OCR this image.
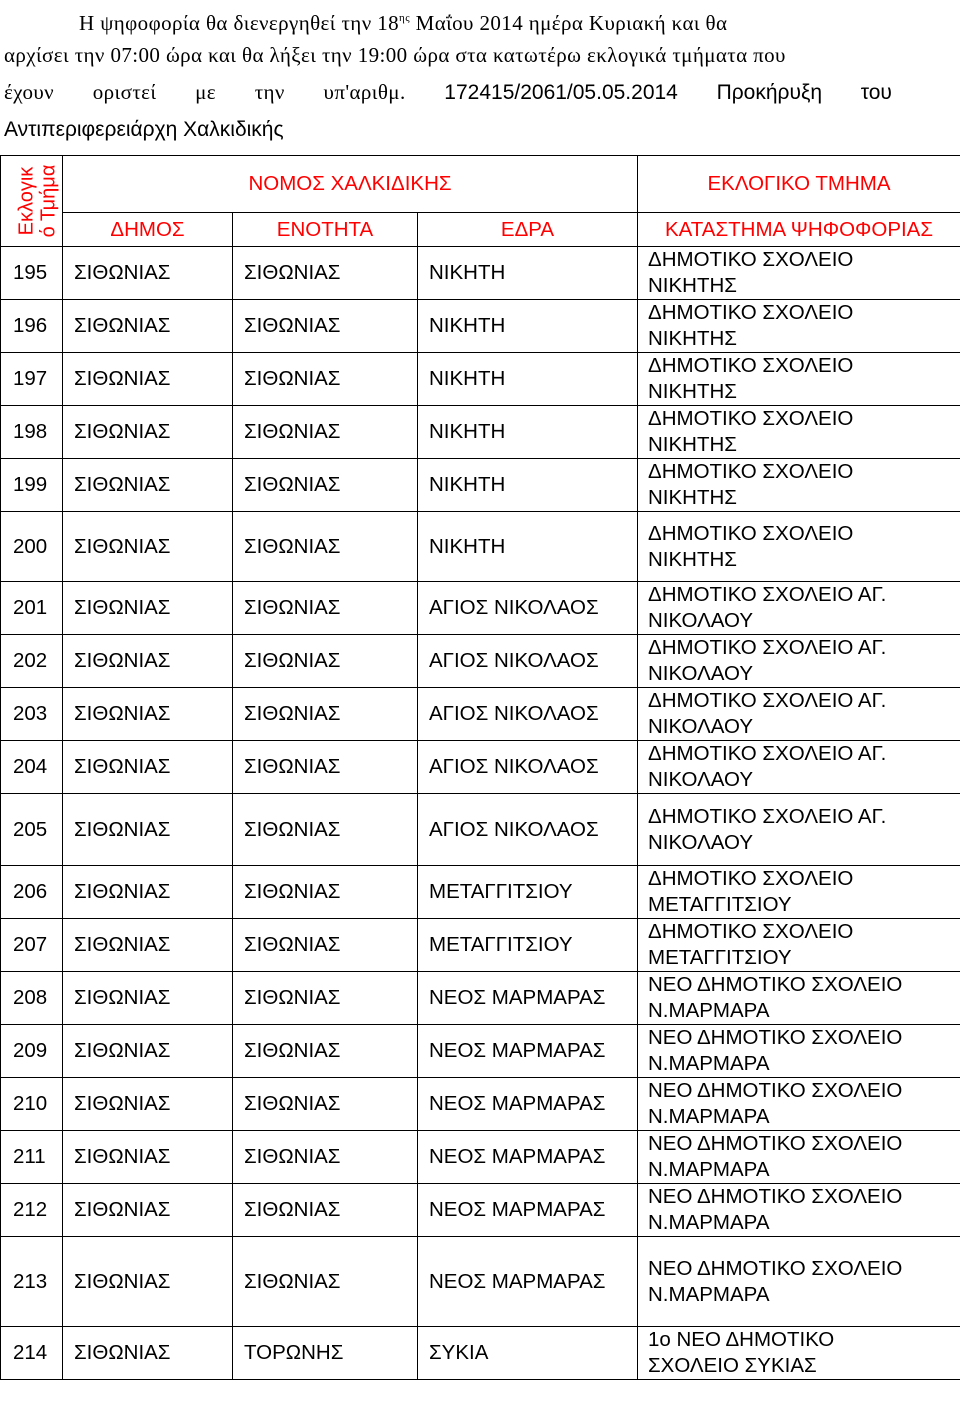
Η ψηφοφορία θα διενεργηθεί την $18^{\eta\varsigma}$ Μαΐου 2014 ημέρα Κυριακή και θα
αρχίσει την 07:00 ώρα και θα λήξει την 19:00 ώρα στα κατωτέρω εκλογικά τμήματα που
έχουν οριστεί με την υπ'αριθμ. 172415/2061/05.05.2014 Προκήρυξη του
Αντιπεριφερειάρχη Χαλκιδικής
Εκλογικ
ό Τμήμα	ΝΟΜΟΣ ΧΑΛΚΙΔΙΚΗΣ			ΕΚΛΟΓΙΚΟ ΤΜΗΜΑ
	ΔΗΜΟΣ	ΕΝΟΤΗΤΑ	ΕΔΡΑ	ΚΑΤΑΣΤΗΜΑ ΨΗΦΟΦΟΡΙΑΣ
195	ΣΙΘΩΝΙΑΣ	ΣΙΘΩΝΙΑΣ	ΝΙΚΗΤΗ	ΔΗΜΟΤΙΚΟ ΣΧΟΛΕΙΟ
ΝΙΚΗΤΗΣ

196	ΣΙΘΩΝΙΑΣ	ΣΙΘΩΝΙΑΣ	ΝΙΚΗΤΗ	ΔΗΜΟΤΙΚΟ ΣΧΟΛΕΙΟ
ΝΙΚΗΤΗΣ

197	ΣΙΘΩΝΙΑΣ	ΣΙΘΩΝΙΑΣ	ΝΙΚΗΤΗ	ΔΗΜΟΤΙΚΟ ΣΧΟΛΕΙΟ
ΝΙΚΗΤΗΣ

198	ΣΙΘΩΝΙΑΣ	ΣΙΘΩΝΙΑΣ	ΝΙΚΗΤΗ	ΔΗΜΟΤΙΚΟ ΣΧΟΛΕΙΟ
ΝΙΚΗΤΗΣ

199	ΣΙΘΩΝΙΑΣ	ΣΙΘΩΝΙΑΣ	ΝΙΚΗΤΗ	ΔΗΜΟΤΙΚΟ ΣΧΟΛΕΙΟ
ΝΙΚΗΤΗΣ

200	ΣΙΘΩΝΙΑΣ	ΣΙΘΩΝΙΑΣ	ΝΙΚΗΤΗ	ΔΗΜΟΤΙΚΟ ΣΧΟΛΕΙΟ
ΝΙΚΗΤΗΣ

201	ΣΙΘΩΝΙΑΣ	ΣΙΘΩΝΙΑΣ	ΑΓΙΟΣ ΝΙΚΟΛΑΟΣ	ΔΗΜΟΤΙΚΟ ΣΧΟΛΕΙΟ ΑΓ.
ΝΙΚΟΛΑΟΥ

202	ΣΙΘΩΝΙΑΣ	ΣΙΘΩΝΙΑΣ	ΑΓΙΟΣ ΝΙΚΟΛΑΟΣ	ΔΗΜΟΤΙΚΟ ΣΧΟΛΕΙΟ ΑΓ.
ΝΙΚΟΛΑΟΥ

203	ΣΙΘΩΝΙΑΣ	ΣΙΘΩΝΙΑΣ	ΑΓΙΟΣ ΝΙΚΟΛΑΟΣ	ΔΗΜΟΤΙΚΟ ΣΧΟΛΕΙΟ ΑΓ.
ΝΙΚΟΛΑΟΥ

204	ΣΙΘΩΝΙΑΣ	ΣΙΘΩΝΙΑΣ	ΑΓΙΟΣ ΝΙΚΟΛΑΟΣ	ΔΗΜΟΤΙΚΟ ΣΧΟΛΕΙΟ ΑΓ.
ΝΙΚΟΛΑΟΥ

205	ΣΙΘΩΝΙΑΣ	ΣΙΘΩΝΙΑΣ	ΑΓΙΟΣ ΝΙΚΟΛΑΟΣ	ΔΗΜΟΤΙΚΟ ΣΧΟΛΕΙΟ ΑΓ.
ΝΙΚΟΛΑΟΥ

206	ΣΙΘΩΝΙΑΣ	ΣΙΘΩΝΙΑΣ	ΜΕΤΑΓΓΙΤΣΙΟΥ	ΔΗΜΟΤΙΚΟ ΣΧΟΛΕΙΟ
ΜΕΤΑΓΓΙΤΣΙΟΥ

207	ΣΙΘΩΝΙΑΣ	ΣΙΘΩΝΙΑΣ	ΜΕΤΑΓΓΙΤΣΙΟΥ	ΔΗΜΟΤΙΚΟ ΣΧΟΛΕΙΟ
ΜΕΤΑΓΓΙΤΣΙΟΥ

208	ΣΙΘΩΝΙΑΣ	ΣΙΘΩΝΙΑΣ	ΝΕΟΣ ΜΑΡΜΑΡΑΣ	ΝΕΟ ΔΗΜΟΤΙΚΟ ΣΧΟΛΕΙΟ
Ν.ΜΑΡΜΑΡΑ

209	ΣΙΘΩΝΙΑΣ	ΣΙΘΩΝΙΑΣ	ΝΕΟΣ ΜΑΡΜΑΡΑΣ	ΝΕΟ ΔΗΜΟΤΙΚΟ ΣΧΟΛΕΙΟ
Ν.ΜΑΡΜΑΡΑ

210	ΣΙΘΩΝΙΑΣ	ΣΙΘΩΝΙΑΣ	ΝΕΟΣ ΜΑΡΜΑΡΑΣ	ΝΕΟ ΔΗΜΟΤΙΚΟ ΣΧΟΛΕΙΟ
Ν.ΜΑΡΜΑΡΑ

211	ΣΙΘΩΝΙΑΣ	ΣΙΘΩΝΙΑΣ	ΝΕΟΣ ΜΑΡΜΑΡΑΣ	ΝΕΟ ΔΗΜΟΤΙΚΟ ΣΧΟΛΕΙΟ
Ν.ΜΑΡΜΑΡΑ

212	ΣΙΘΩΝΙΑΣ	ΣΙΘΩΝΙΑΣ	ΝΕΟΣ ΜΑΡΜΑΡΑΣ	ΝΕΟ ΔΗΜΟΤΙΚΟ ΣΧΟΛΕΙΟ
Ν.ΜΑΡΜΑΡΑ

213	ΣΙΘΩΝΙΑΣ	ΣΙΘΩΝΙΑΣ	ΝΕΟΣ ΜΑΡΜΑΡΑΣ	ΝΕΟ ΔΗΜΟΤΙΚΟ ΣΧΟΛΕΙΟ
Ν.ΜΑΡΜΑΡΑ

214	ΣΙΘΩΝΙΑΣ	ΤΟΡΩΝΗΣ	ΣΥΚΙΑ	1ο ΝΕΟ ΔΗΜΟΤΙΚΟ
ΣΧΟΛΕΙΟ ΣΥΚΙΑΣ
